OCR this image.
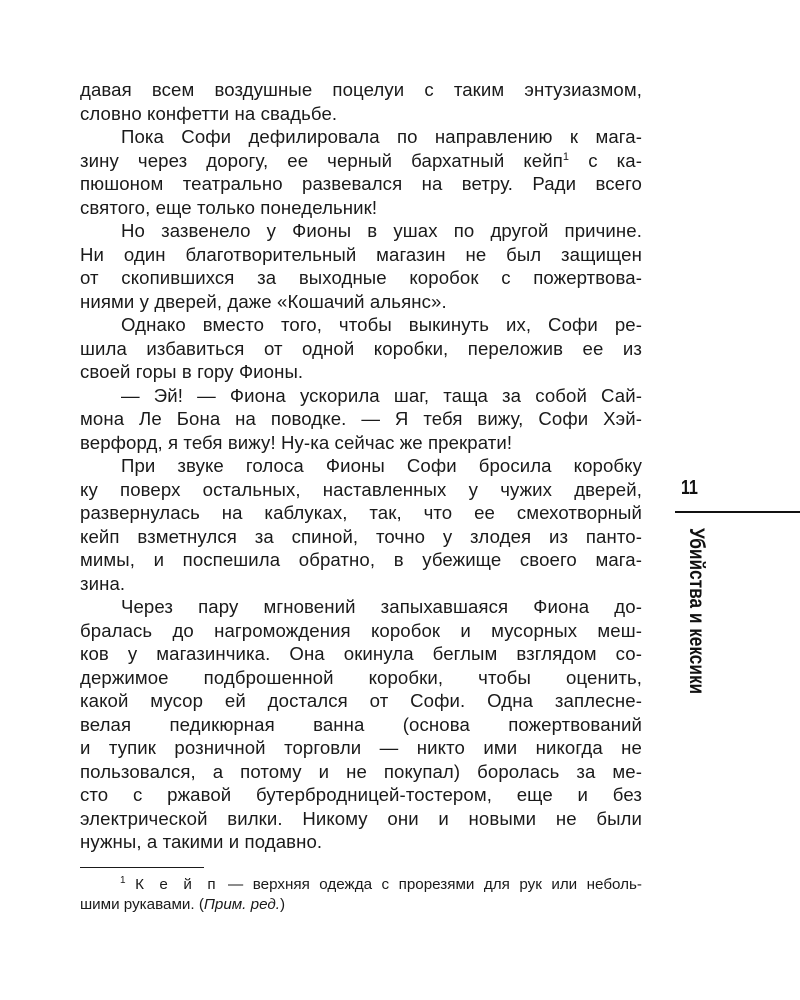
давая всем воздушные поцелуи с таким энтузиазмом,
словно конфетти на свадьбе.
Пока Софи дефилировала по направлению к мага-
зину через дорогу, ее черный бархатный кейп$^1$ с ка-
пюшоном театрально развевался на ветру. Ради всего
святого, еще только понедельник!
Но зазвенело у Фионы в ушах по другой причине.
Ни один благотворительный магазин не был защищен
от скопившихся за выходные коробок с пожертвова-
ниями у дверей, даже «Кошачий альянс».
Однако вместо того, чтобы выкинуть их, Софи ре-
шила избавиться от одной коробки, переложив ее из
своей горы в гору Фионы.
— Эй! — Фиона ускорила шаг, таща за собой Сай-
мона Ле Бона на поводке. — Я тебя вижу, Софи Хэй-
верфорд, я тебя вижу! Ну-ка сейчас же прекрати!
При звуке голоса Фионы Софи бросила коробку
ку поверх остальных, наставленных у чужих дверей,
развернулась на каблуках, так, что ее смехотворный
кейп взметнулся за спиной, точно у злодея из панто-
мимы, и поспешила обратно, в убежище своего мага-
зина.
Через пару мгновений запыхавшаяся Фиона до-
бралась до нагромождения коробок и мусорных меш-
ков у магазинчика. Она окинула беглым взглядом со-
держимое подброшенной коробки, чтобы оценить,
какой мусор ей достался от Софи. Одна заплесне-
велая педикюрная ванна (основа пожертвований
и тупик розничной торговли — никто ими никогда не
пользовался, а потому и не покупал) боролась за ме-
сто с ржавой бутербродницей-тостером, еще и без
электрической вилки. Никому они и новыми не были
нужны, а такими и подавно.
$^1$ К е й п — верхняя одежда с прорезями для рук или неболь-
шими рукавами. (Прим. ред.)
11
Убийства и кексики
